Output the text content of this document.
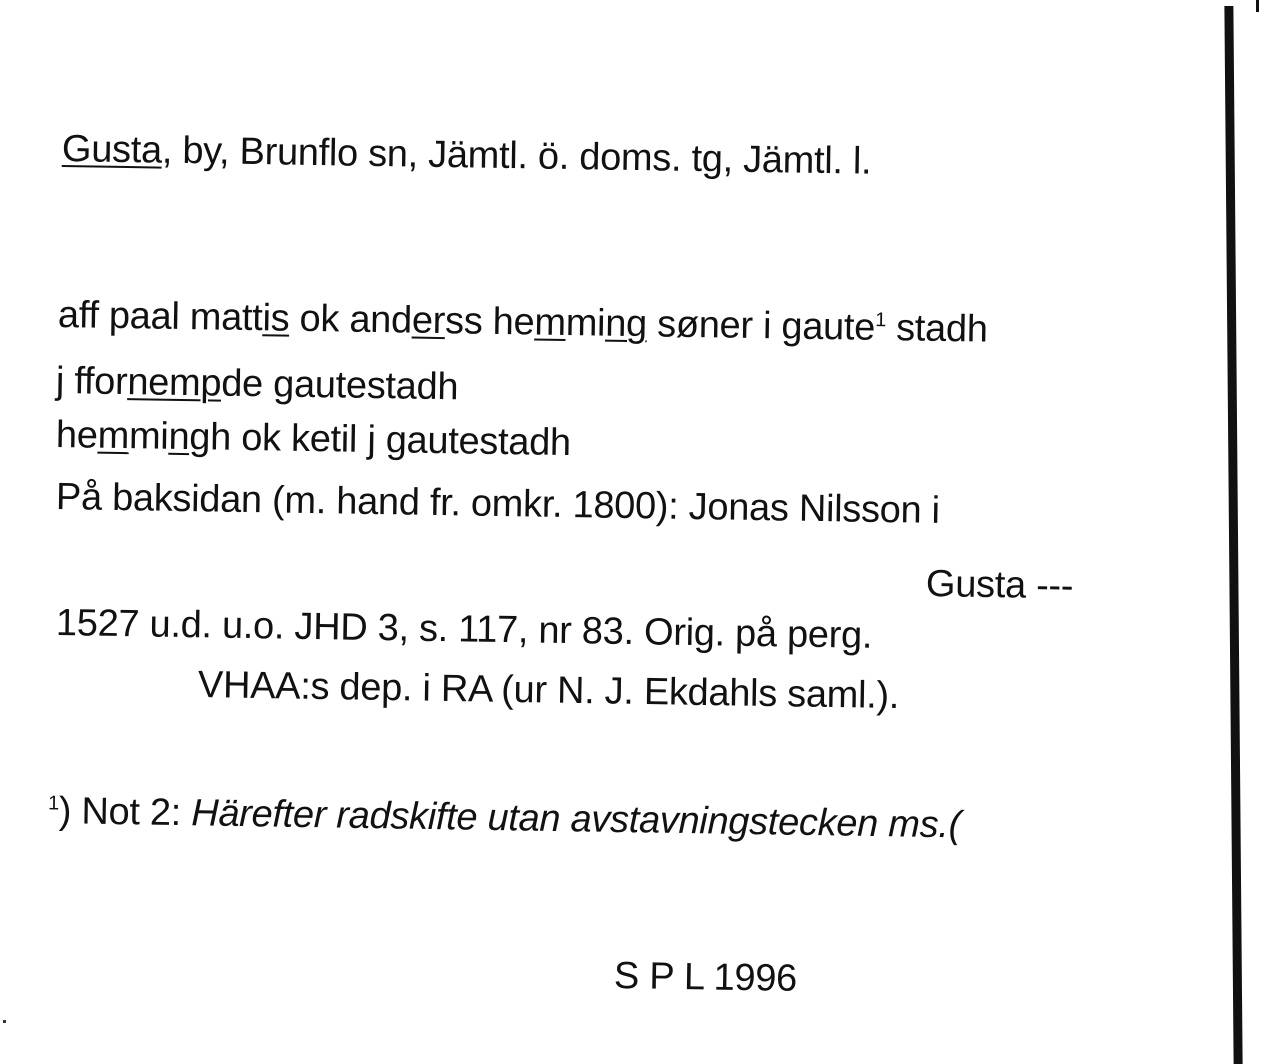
Gusta, by, Brunflo sn, Jämtl. ö. doms. tg, Jämtl. l.
aff paal mattis ok anderss hemming søner i gaute$^1$ stadh
j ffornempde gautestadh
hemmingh ok ketil j gautestadh
På baksidan (m. hand fr. omkr. 1800): Jonas Nilsson i
Gusta ---
1527 u.d. u.o. JHD 3, s. 117, nr 83. Orig. på perg.
VHAA:s dep. i RA (ur N. J. Ekdahls saml.).
$^1$) Not 2: Härefter radskifte utan avstavningstecken ms.(
S P L 1996
